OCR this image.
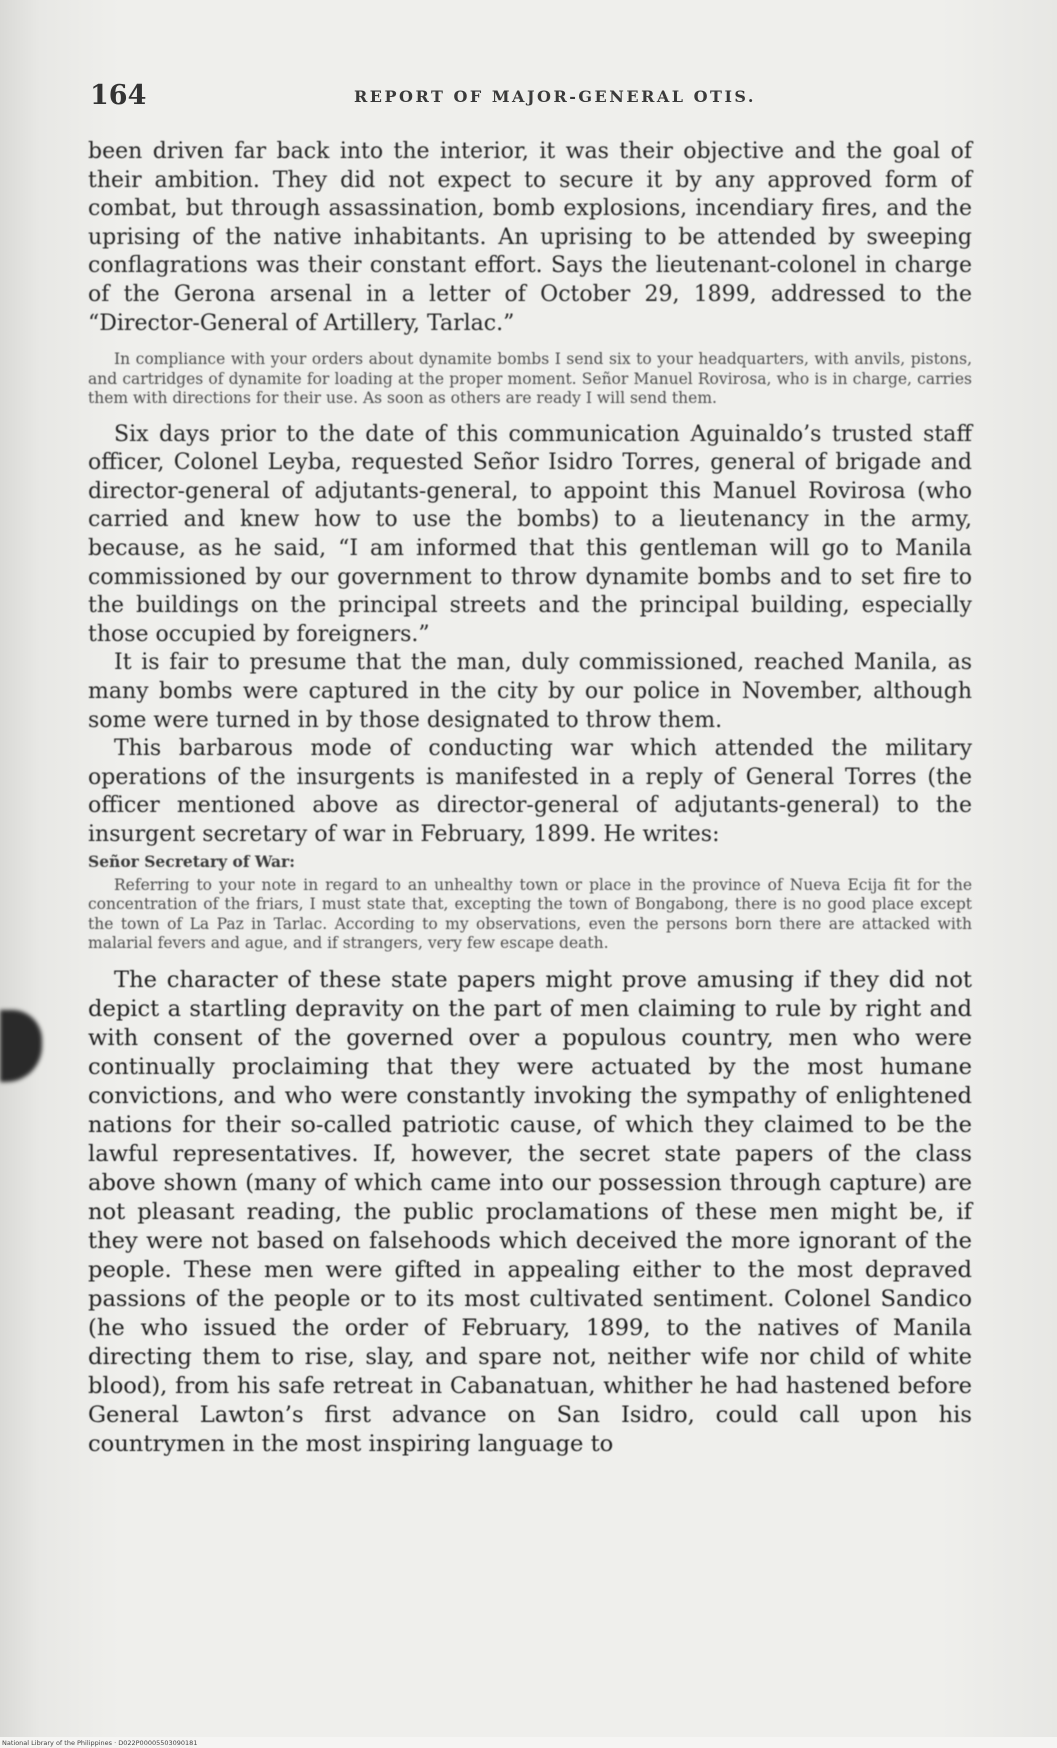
164	REPORT OF MAJOR-GENERAL OTIS.

been driven far back into the interior, it was their objective and the goal of their ambition. They did not expect to secure it by any approved form of combat, but through assassination, bomb explosions, incendiary fires, and the uprising of the native inhabitants. An uprising to be attended by sweeping conflagrations was their constant effort. Says the lieutenant-colonel in charge of the Gerona arsenal in a letter of October 29, 1899, addressed to the “Director-General of Artillery, Tarlac.”

In compliance with your orders about dynamite bombs I send six to your headquarters, with anvils, pistons, and cartridges of dynamite for loading at the proper moment. Señor Manuel Rovirosa, who is in charge, carries them with directions for their use. As soon as others are ready I will send them.

Six days prior to the date of this communication Aguinaldo’s trusted staff officer, Colonel Leyba, requested Señor Isidro Torres, general of brigade and director-general of adjutants-general, to appoint this Manuel Rovirosa (who carried and knew how to use the bombs) to a lieutenancy in the army, because, as he said, “I am informed that this gentleman will go to Manila commissioned by our government to throw dynamite bombs and to set fire to the buildings on the principal streets and the principal building, especially those occupied by foreigners.”

It is fair to presume that the man, duly commissioned, reached Manila, as many bombs were captured in the city by our police in November, although some were turned in by those designated to throw them.

This barbarous mode of conducting war which attended the military operations of the insurgents is manifested in a reply of General Torres (the officer mentioned above as director-general of adjutants-general) to the insurgent secretary of war in February, 1899. He writes:

Señor Secretary of War:

Referring to your note in regard to an unhealthy town or place in the province of Nueva Ecija fit for the concentration of the friars, I must state that, excepting the town of Bongabong, there is no good place except the town of La Paz in Tarlac. According to my observations, even the persons born there are attacked with malarial fevers and ague, and if strangers, very few escape death.

The character of these state papers might prove amusing if they did not depict a startling depravity on the part of men claiming to rule by right and with consent of the governed over a populous country, men who were continually proclaiming that they were actuated by the most humane convictions, and who were constantly invoking the sympathy of enlightened nations for their so-called patriotic cause, of which they claimed to be the lawful representatives. If, however, the secret state papers of the class above shown (many of which came into our possession through capture) are not pleasant reading, the public proclamations of these men might be, if they were not based on falsehoods which deceived the more ignorant of the people. These men were gifted in appealing either to the most depraved passions of the people or to its most cultivated sentiment. Colonel Sandico (he who issued the order of February, 1899, to the natives of Manila directing them to rise, slay, and spare not, neither wife nor child of white blood), from his safe retreat in Cabanatuan, whither he had hastened before General Lawton’s first advance on San Isidro, could call upon his countrymen in the most inspiring language to

National Library of the Philippines · D022P00005503090181
